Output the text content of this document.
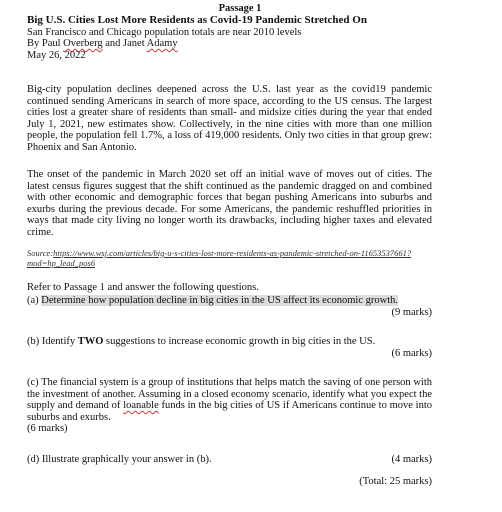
Passage 1
Big U.S. Cities Lost More Residents as Covid-19 Pandemic Stretched On
San Francisco and Chicago population totals are near 2010 levels
By Paul Overberg and Janet Adamy
May 26, 2022
Big-city population declines deepened across the U.S. last year as the covid19 pandemic continued sending Americans in search of more space, according to the US census. The largest cities lost a greater share of residents than small- and midsize cities during the year that ended July 1, 2021, new estimates show. Collectively, in the nine cities with more than one million people, the population fell 1.7%, a loss of 419,000 residents. Only two cities in that group grew: Phoenix and San Antonio.
The onset of the pandemic in March 2020 set off an initial wave of moves out of cities. The latest census figures suggest that the shift continued as the pandemic dragged on and combined with other economic and demographic forces that began pushing Americans into suburbs and exurbs during the previous decade. For some Americans, the pandemic reshuffled priorities in ways that made city living no longer worth its drawbacks, including higher taxes and elevated crime.
Source:https://www.wsj.com/articles/big-u-s-cities-lost-more-residents-as-pandemic-stretched-on-11653537661?mod=hp_lead_pos6
Refer to Passage 1 and answer the following questions.
(a) Determine how population decline in big cities in the US affect its economic growth.
(9 marks)
(b) Identify TWO suggestions to increase economic growth in big cities in the US.
(6 marks)
(c) The financial system is a group of institutions that helps match the saving of one person with the investment of another. Assuming in a closed economy scenario, identify what you expect the supply and demand of loanable funds in the big cities of US if Americans continue to move into suburbs and exurbs.
(6 marks)
(d) Illustrate graphically your answer in (b).	(4 marks)
(Total: 25 marks)
